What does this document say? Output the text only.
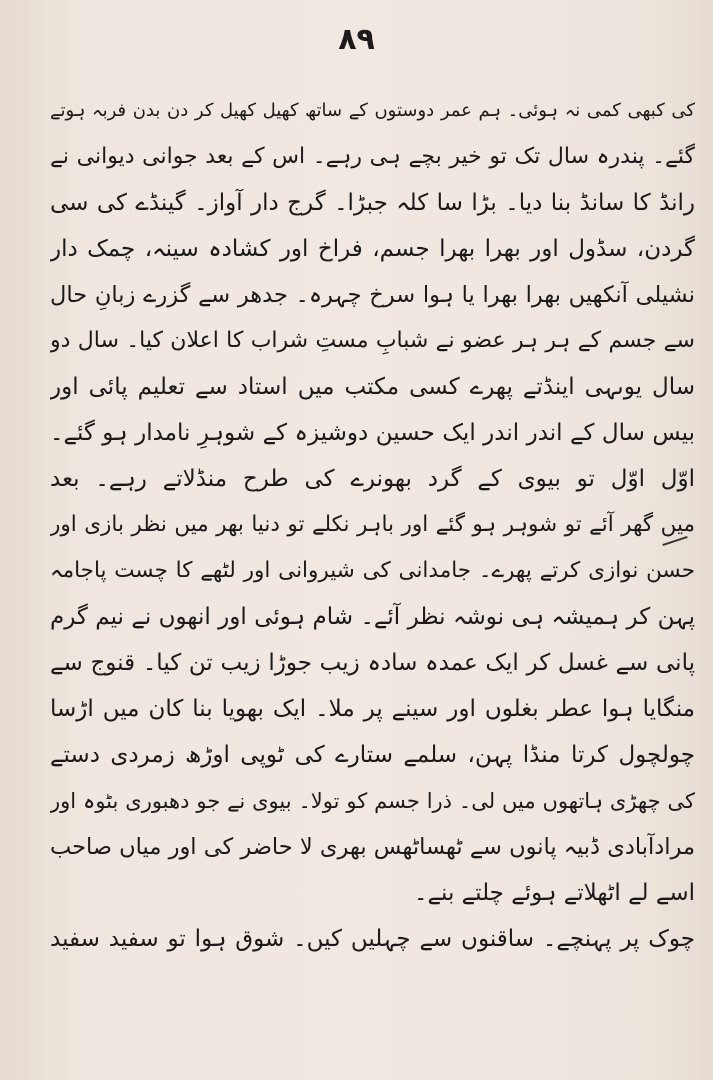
۸۹
کی کبھی کمی نہ ہوئی۔ ہم عمر دوستوں کے ساتھ کھیل کھیل کر دن بدن فربہ ہوتے
گئے۔ پندرہ سال تک تو خیر بچے ہی رہے۔ اس کے بعد جوانی دیوانی نے
رانڈ کا سانڈ بنا دیا۔ بڑا سا کلہ جبڑا۔ گرج دار آواز۔ گینڈے کی سی
گردن، سڈول اور بھرا بھرا جسم، فراخ اور کشادہ سینہ، چمک دار
نشیلی آنکھیں بھرا بھرا یا ہوا سرخ چہرہ۔ جدھر سے گزرے زبانِ حال
سے جسم کے ہر ہر عضو نے شبابِ مستِ شراب کا اعلان کیا۔ سال دو
سال یوںہی اینڈتے پھرے کسی مکتب میں استاد سے تعلیم پائی اور
بیس سال کے اندر اندر ایک حسین دوشیزہ کے شوہرِ نامدار ہو گئے۔
اوّل اوّل تو بیوی کے گرد بھونرے کی طرح منڈلاتے رہے۔ بعد
میں گھر آئے تو شوہر ہو گئے اور باہر نکلے تو دنیا بھر میں نظر بازی اور
حسن نوازی کرتے پھرے۔ جامدانی کی شیروانی اور لٹھے کا چست پاجامہ
پہن کر ہمیشہ ہی نوشہ نظر آئے۔ شام ہوئی اور انھوں نے نیم گرم
پانی سے غسل کر ایک عمدہ سادہ زیب جوڑا زیب تن کیا۔ قنوج سے
منگایا ہوا عطر بغلوں اور سینے پر ملا۔ ایک بھویا بنا کان میں اڑسا
چولچول کرتا منڈا پہن، سلمے ستارے کی ٹوپی اوڑھ زمردی دستے
کی چھڑی ہاتھوں میں لی۔ ذرا جسم کو تولا۔ بیوی نے جو دھبوری بٹوہ اور
مرادآبادی ڈبیہ پانوں سے ٹھساٹھس بھری لا حاضر کی اور میاں صاحب
اسے لے اٹھلاتے ہوئے چلتے بنے۔
چوک پر پہنچے۔ ساقنوں سے چہلیں کیں۔ شوق ہوا تو سفید سفید
